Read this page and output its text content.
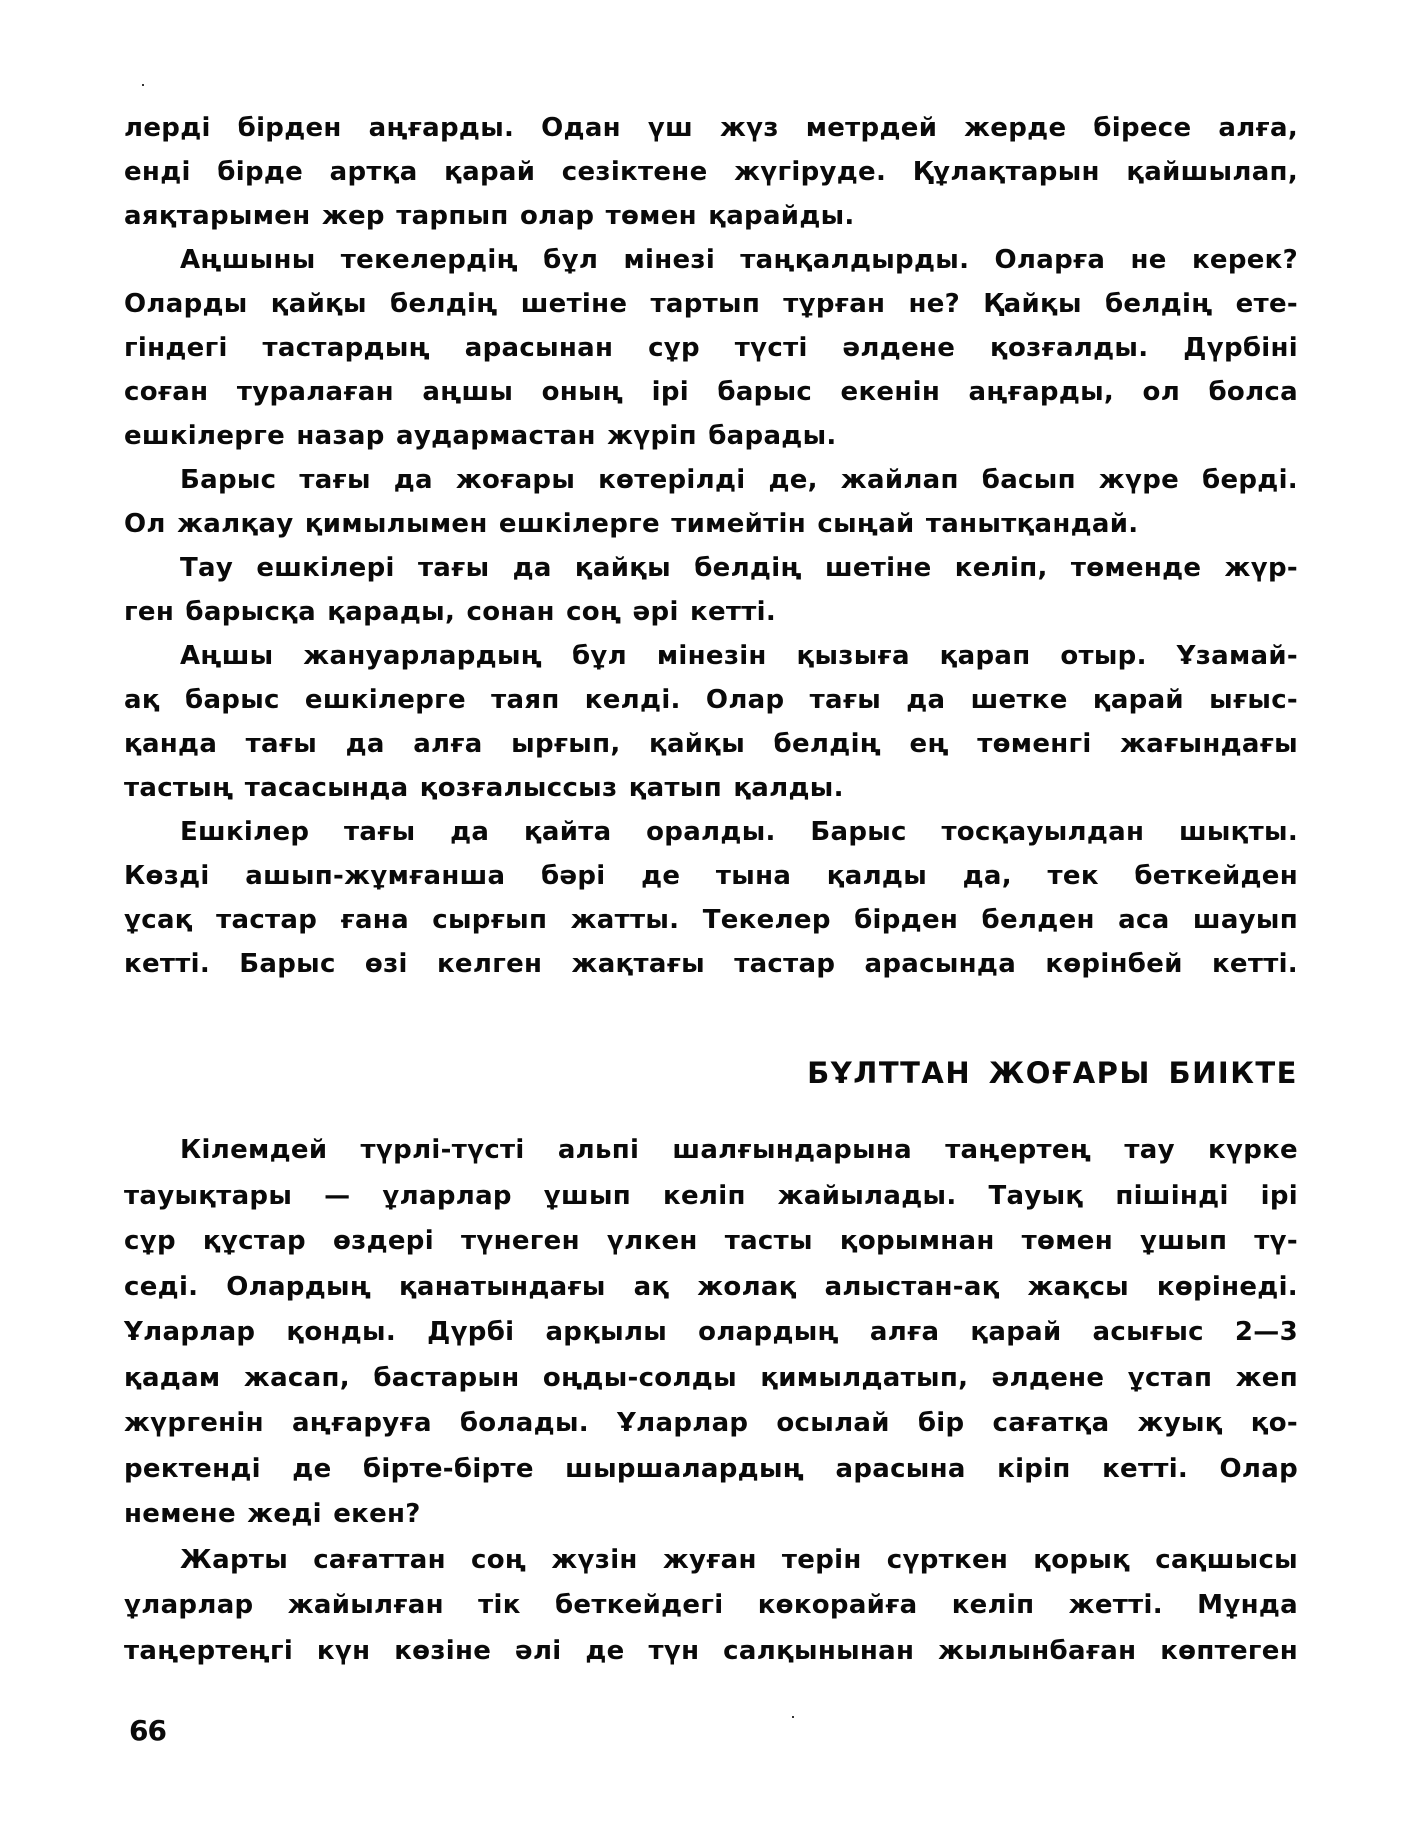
лерді бірден аңғарды. Одан үш жүз метрдей жерде біресе алға,
енді бірде артқа қарай сезіктене жүгіруде. Құлақтарын қайшылап,
аяқтарымен жер тарпып олар төмен қарайды.
Аңшыны текелердің бұл мінезі таңқалдырды. Оларға не керек?
Оларды қайқы белдің шетіне тартып тұрған не? Қайқы белдің ете-
гіндегі тастардың арасынан сұр түсті әлдене қозғалды. Дүрбіні
соған туралаған аңшы оның ірі барыс екенін аңғарды, ол болса
ешкілерге назар аудармастан жүріп барады.
Барыс тағы да жоғары көтерілді де, жайлап басып жүре берді.
Ол жалқау қимылымен ешкілерге тимейтін сыңай танытқандай.
Тау ешкілері тағы да қайқы белдің шетіне келіп, төменде жүр-
ген барысқа қарады, сонан соң әрі кетті.
Аңшы жануарлардың бұл мінезін қызыға қарап отыр. Ұзамай-
ақ барыс ешкілерге таяп келді. Олар тағы да шетке қарай ығыс-
қанда тағы да алға ырғып, қайқы белдің ең төменгі жағындағы
тастың тасасында қозғалыссыз қатып қалды.
Ешкілер тағы да қайта оралды. Барыс тосқауылдан шықты.
Көзді ашып-жұмғанша бәрі де тына қалды да, тек беткейден
ұсақ тастар ғана сырғып жатты. Текелер бірден белден аса шауып
кетті. Барыс өзі келген жақтағы тастар арасында көрінбей кетті.
БҰЛТТАН ЖОҒАРЫ БИІКТЕ
Кілемдей түрлі-түсті альпі шалғындарына таңертең тау күрке
тауықтары — ұларлар ұшып келіп жайылады. Тауық пішінді ірі
сұр құстар өздері түнеген үлкен тасты қорымнан төмен ұшып тү-
седі. Олардың қанатындағы ақ жолақ алыстан-ақ жақсы көрінеді.
Ұларлар қонды. Дүрбі арқылы олардың алға қарай асығыс 2—3
қадам жасап, бастарын оңды-солды қимылдатып, әлдене ұстап жеп
жүргенін аңғаруға болады. Ұларлар осылай бір сағатқа жуық қо-
ректенді де бірте-бірте шыршалардың арасына кіріп кетті. Олар
немене жеді екен?
Жарты сағаттан соң жүзін жуған терін сүрткен қорық сақшысы
ұларлар жайылған тік беткейдегі көкорайға келіп жетті. Мұнда
таңертеңгі күн көзіне әлі де түн салқынынан жылынбаған көптеген
66
